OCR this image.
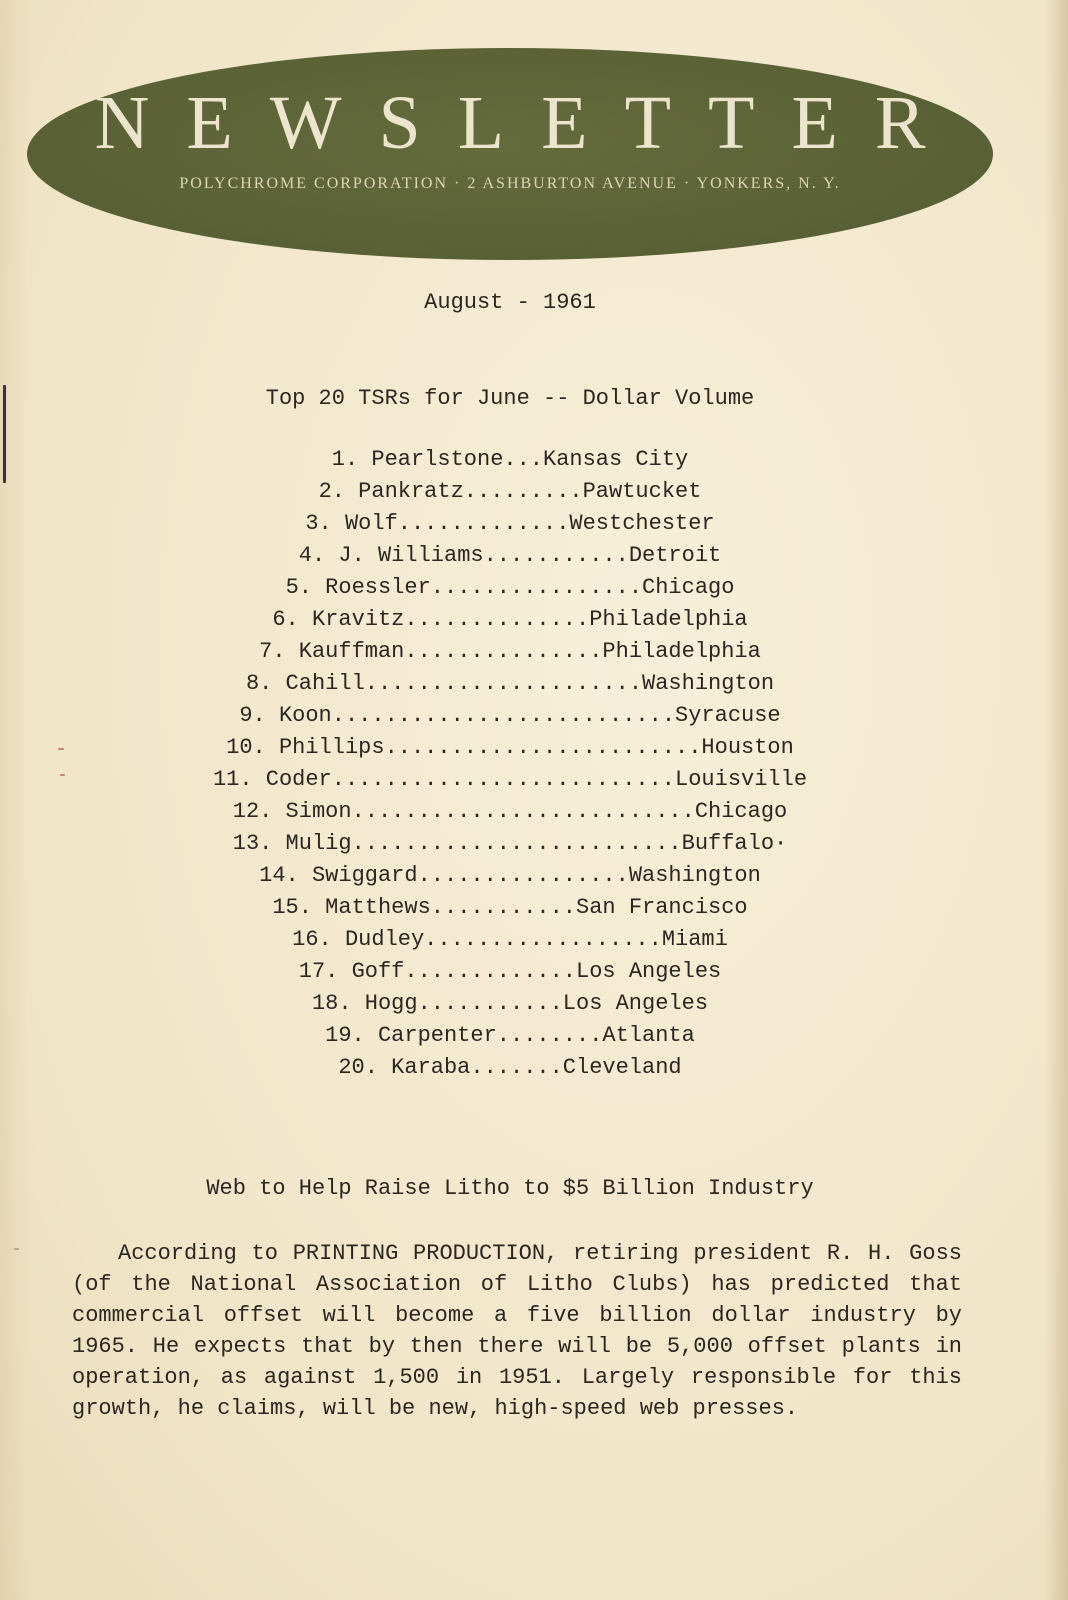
NEWSLETTER
POLYCHROME CORPORATION · 2 ASHBURTON AVENUE · YONKERS, N. Y.
August - 1961
Top 20 TSRs for June -- Dollar Volume
1. Pearlstone...Kansas City
2. Pankratz.........Pawtucket
3. Wolf.............Westchester
4. J. Williams...........Detroit
5. Roessler................Chicago
6. Kravitz..............Philadelphia
7. Kauffman...............Philadelphia
8. Cahill.....................Washington
9. Koon..........................Syracuse
10. Phillips........................Houston
11. Coder..........................Louisville
12. Simon..........................Chicago
13. Mulig.........................Buffalo·
14. Swiggard................Washington
15. Matthews...........San Francisco
16. Dudley..................Miami
17. Goff.............Los Angeles
18. Hogg...........Los Angeles
19. Carpenter........Atlanta
20. Karaba.......Cleveland
Web to Help Raise Litho to $5 Billion Industry

According to PRINTING PRODUCTION, retiring president R. H. Goss (of the National Association of Litho Clubs) has predicted that commercial offset will become a five billion dollar industry by 1965. He expects that by then there will be 5,000 offset plants in operation, as against 1,500 in 1951. Largely responsible for this growth, he claims, will be new, high-speed web presses.
